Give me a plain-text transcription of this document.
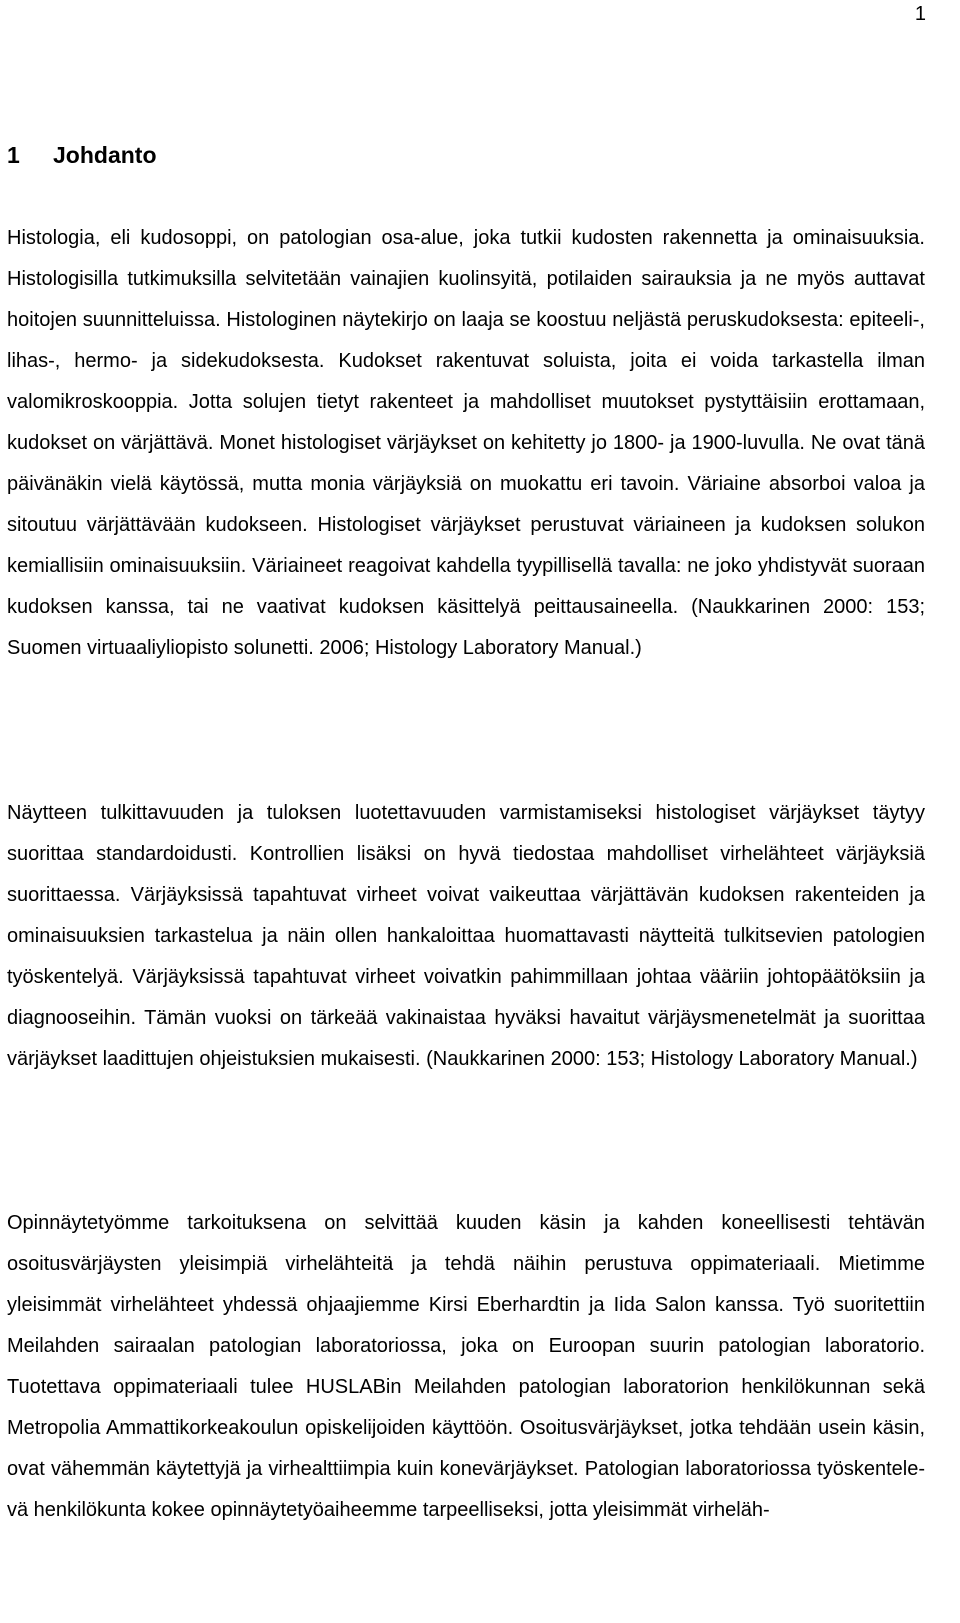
1
1 Johdanto

Histologia, eli kudosoppi, on patologian osa-alue, joka tutkii kudosten rakennetta ja ominaisuuksia. Histologisilla tutkimuksilla selvitetään vainajien kuolinsyitä, potilaiden sairauksia ja ne myös auttavat hoitojen suunnitteluissa. Histologinen näytekirjo on laaja se koostuu neljästä peruskudoksesta: epiteeli-, lihas-, hermo- ja sidekudoksesta. Kudokset rakentuvat soluista, joita ei voida tarkastella ilman valomikroskooppia. Jotta solujen tietyt rakenteet ja mahdolliset muutokset pystyttäisiin erottamaan, kudokset on värjättävä. Monet histologiset värjäykset on kehitetty jo 1800- ja 1900-luvulla. Ne ovat tänä päivänäkin vielä käytössä, mutta monia värjäyksiä on muokattu eri tavoin. Väriaine absorboi valoa ja sitoutuu värjättävään kudokseen. Histologiset värjäykset perustuvat väriaineen ja kudoksen solukon kemiallisiin ominaisuuksiin. Väriaineet reagoivat kahdella tyypillisellä tavalla: ne joko yhdistyvät suoraan kudoksen kanssa, tai ne vaativat kudoksen käsittelyä peittausaineella. (Naukkarinen 2000: 153; Suomen virtuaaliyliopisto solunetti. 2006; Histology Laboratory Manual.)

Näytteen tulkittavuuden ja tuloksen luotettavuuden varmistamiseksi histologiset värjäykset täytyy suorittaa standardoidusti. Kontrollien lisäksi on hyvä tiedostaa mahdolliset virhelähteet värjäyksiä suorittaessa. Värjäyksissä tapahtuvat virheet voivat vaikeuttaa värjättävän kudoksen rakenteiden ja ominaisuuksien tarkastelua ja näin ollen hankaloittaa huomattavasti näytteitä tulkitsevien patologien työskentelyä. Värjäyksissä tapahtuvat virheet voivatkin pahimmillaan johtaa vääriin johtopäätöksiin ja diagnooseihin. Tämän vuoksi on tärkeää vakinaistaa hyväksi havaitut värjäysmenetelmät ja suorittaa värjäykset laadittujen ohjeistuksien mukaisesti. (Naukkarinen 2000: 153; Histology Laboratory Manual.)

Opinnäytetyömme tarkoituksena on selvittää kuuden käsin ja kahden koneellisesti tehtävän osoitusvärjäysten yleisimpiä virhelähteitä ja tehdä näihin perustuva oppimateriaali. Mietimme yleisimmät virhelähteet yhdessä ohjaajiemme Kirsi Eberhardtin ja Iida Salon kanssa. Työ suoritettiin Meilahden sairaalan patologian laboratoriossa, joka on Euroopan suurin patologian laboratorio. Tuotettava oppimateriaali tulee HUSLABin Meilahden patologian laboratorion henkilökunnan sekä Metropolia Ammattikorkeakoulun opiskelijoiden käyttöön. Osoitusvärjäykset, jotka tehdään usein käsin, ovat vähemmän käytettyjä ja virhealttiimpia kuin konevärjäykset. Patologian laboratoriossa työskentelevä henkilökunta kokee opinnäytetyöaiheemme tarpeelliseksi, jotta yleisimmät virheläh-
